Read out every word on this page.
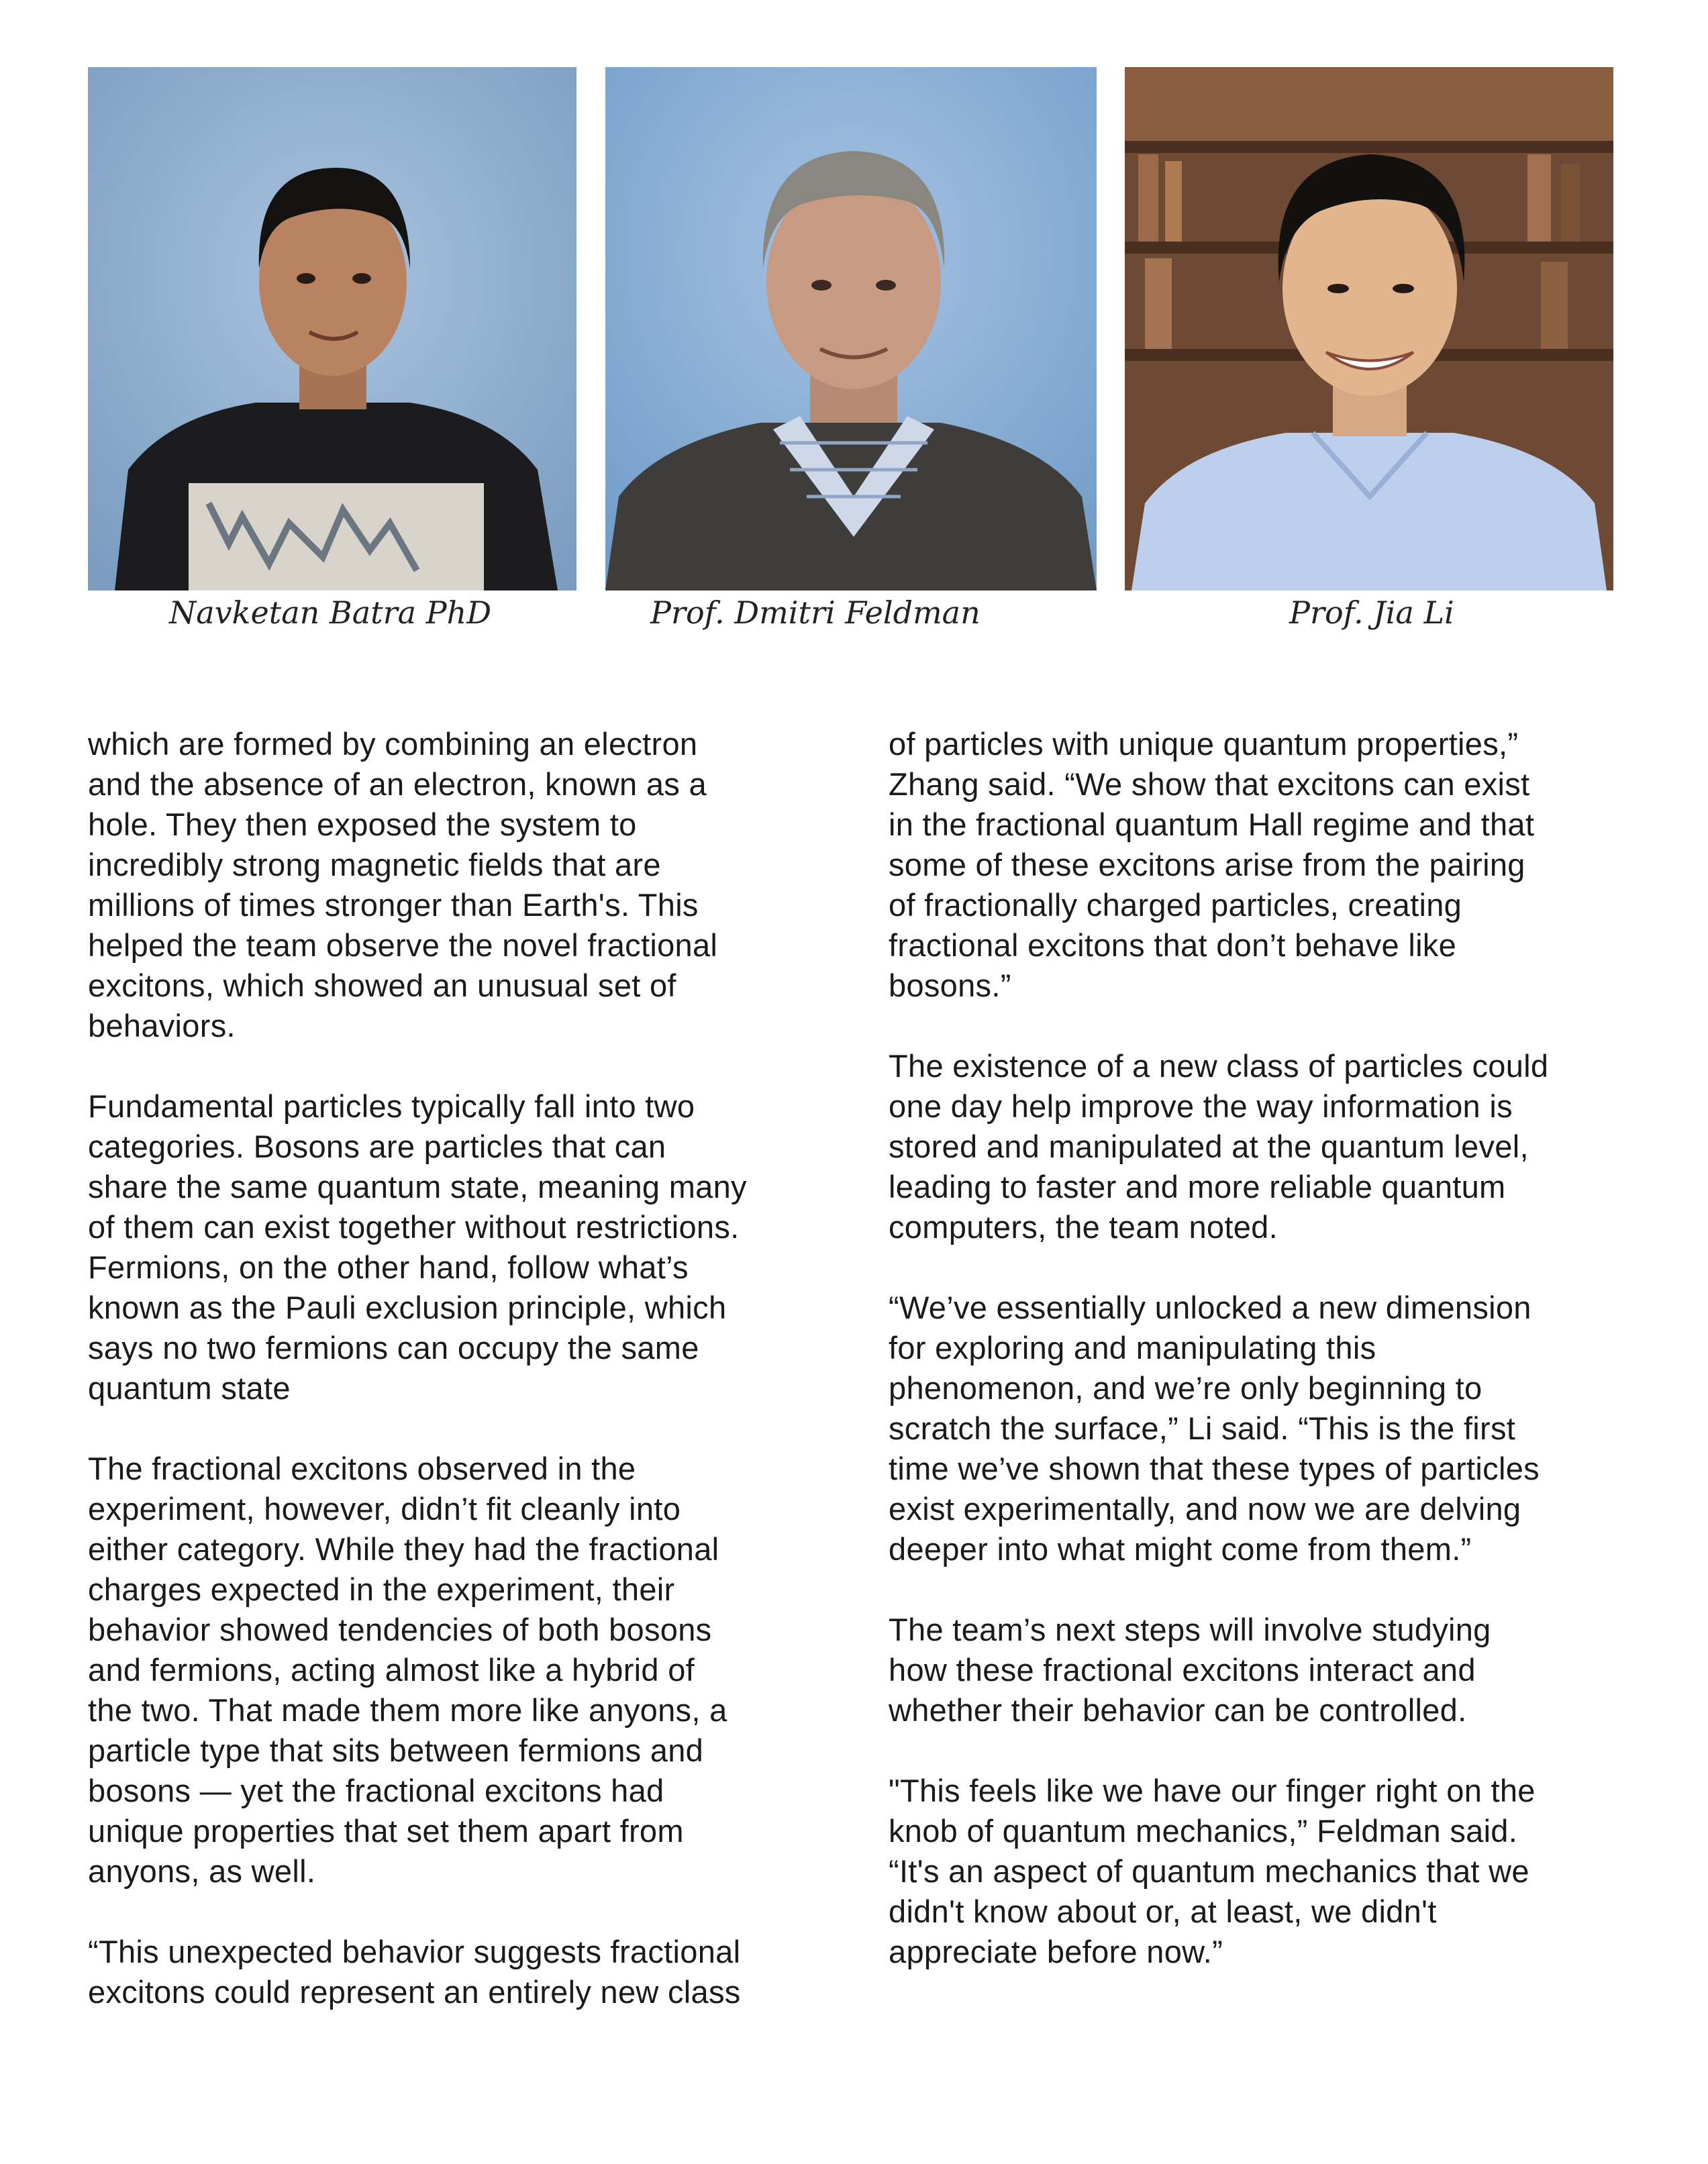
Navketan Batra PhD	Prof. Dmitri Feldman	Prof. Jia Li

which are formed by combining an electron
and the absence of an electron, known as a
hole. They then exposed the system to
incredibly strong magnetic fields that are
millions of times stronger than Earth's. This
helped the team observe the novel fractional
excitons, which showed an unusual set of
behaviors.

Fundamental particles typically fall into two
categories. Bosons are particles that can
share the same quantum state, meaning many
of them can exist together without restrictions.
Fermions, on the other hand, follow what’s
known as the Pauli exclusion principle, which
says no two fermions can occupy the same
quantum state

The fractional excitons observed in the
experiment, however, didn’t fit cleanly into
either category. While they had the fractional
charges expected in the experiment, their
behavior showed tendencies of both bosons
and fermions, acting almost like a hybrid of
the two. That made them more like anyons, a
particle type that sits between fermions and
bosons — yet the fractional excitons had
unique properties that set them apart from
anyons, as well.

“This unexpected behavior suggests fractional
excitons could represent an entirely new class

of particles with unique quantum properties,”
Zhang said. “We show that excitons can exist
in the fractional quantum Hall regime and that
some of these excitons arise from the pairing
of fractionally charged particles, creating
fractional excitons that don’t behave like
bosons.”

The existence of a new class of particles could
one day help improve the way information is
stored and manipulated at the quantum level,
leading to faster and more reliable quantum
computers, the team noted.

“We’ve essentially unlocked a new dimension
for exploring and manipulating this
phenomenon, and we’re only beginning to
scratch the surface,” Li said. “This is the first
time we’ve shown that these types of particles
exist experimentally, and now we are delving
deeper into what might come from them.”

The team’s next steps will involve studying
how these fractional excitons interact and
whether their behavior can be controlled.

"This feels like we have our finger right on the
knob of quantum mechanics,” Feldman said.
“It's an aspect of quantum mechanics that we
didn't know about or, at least, we didn't
appreciate before now.”
